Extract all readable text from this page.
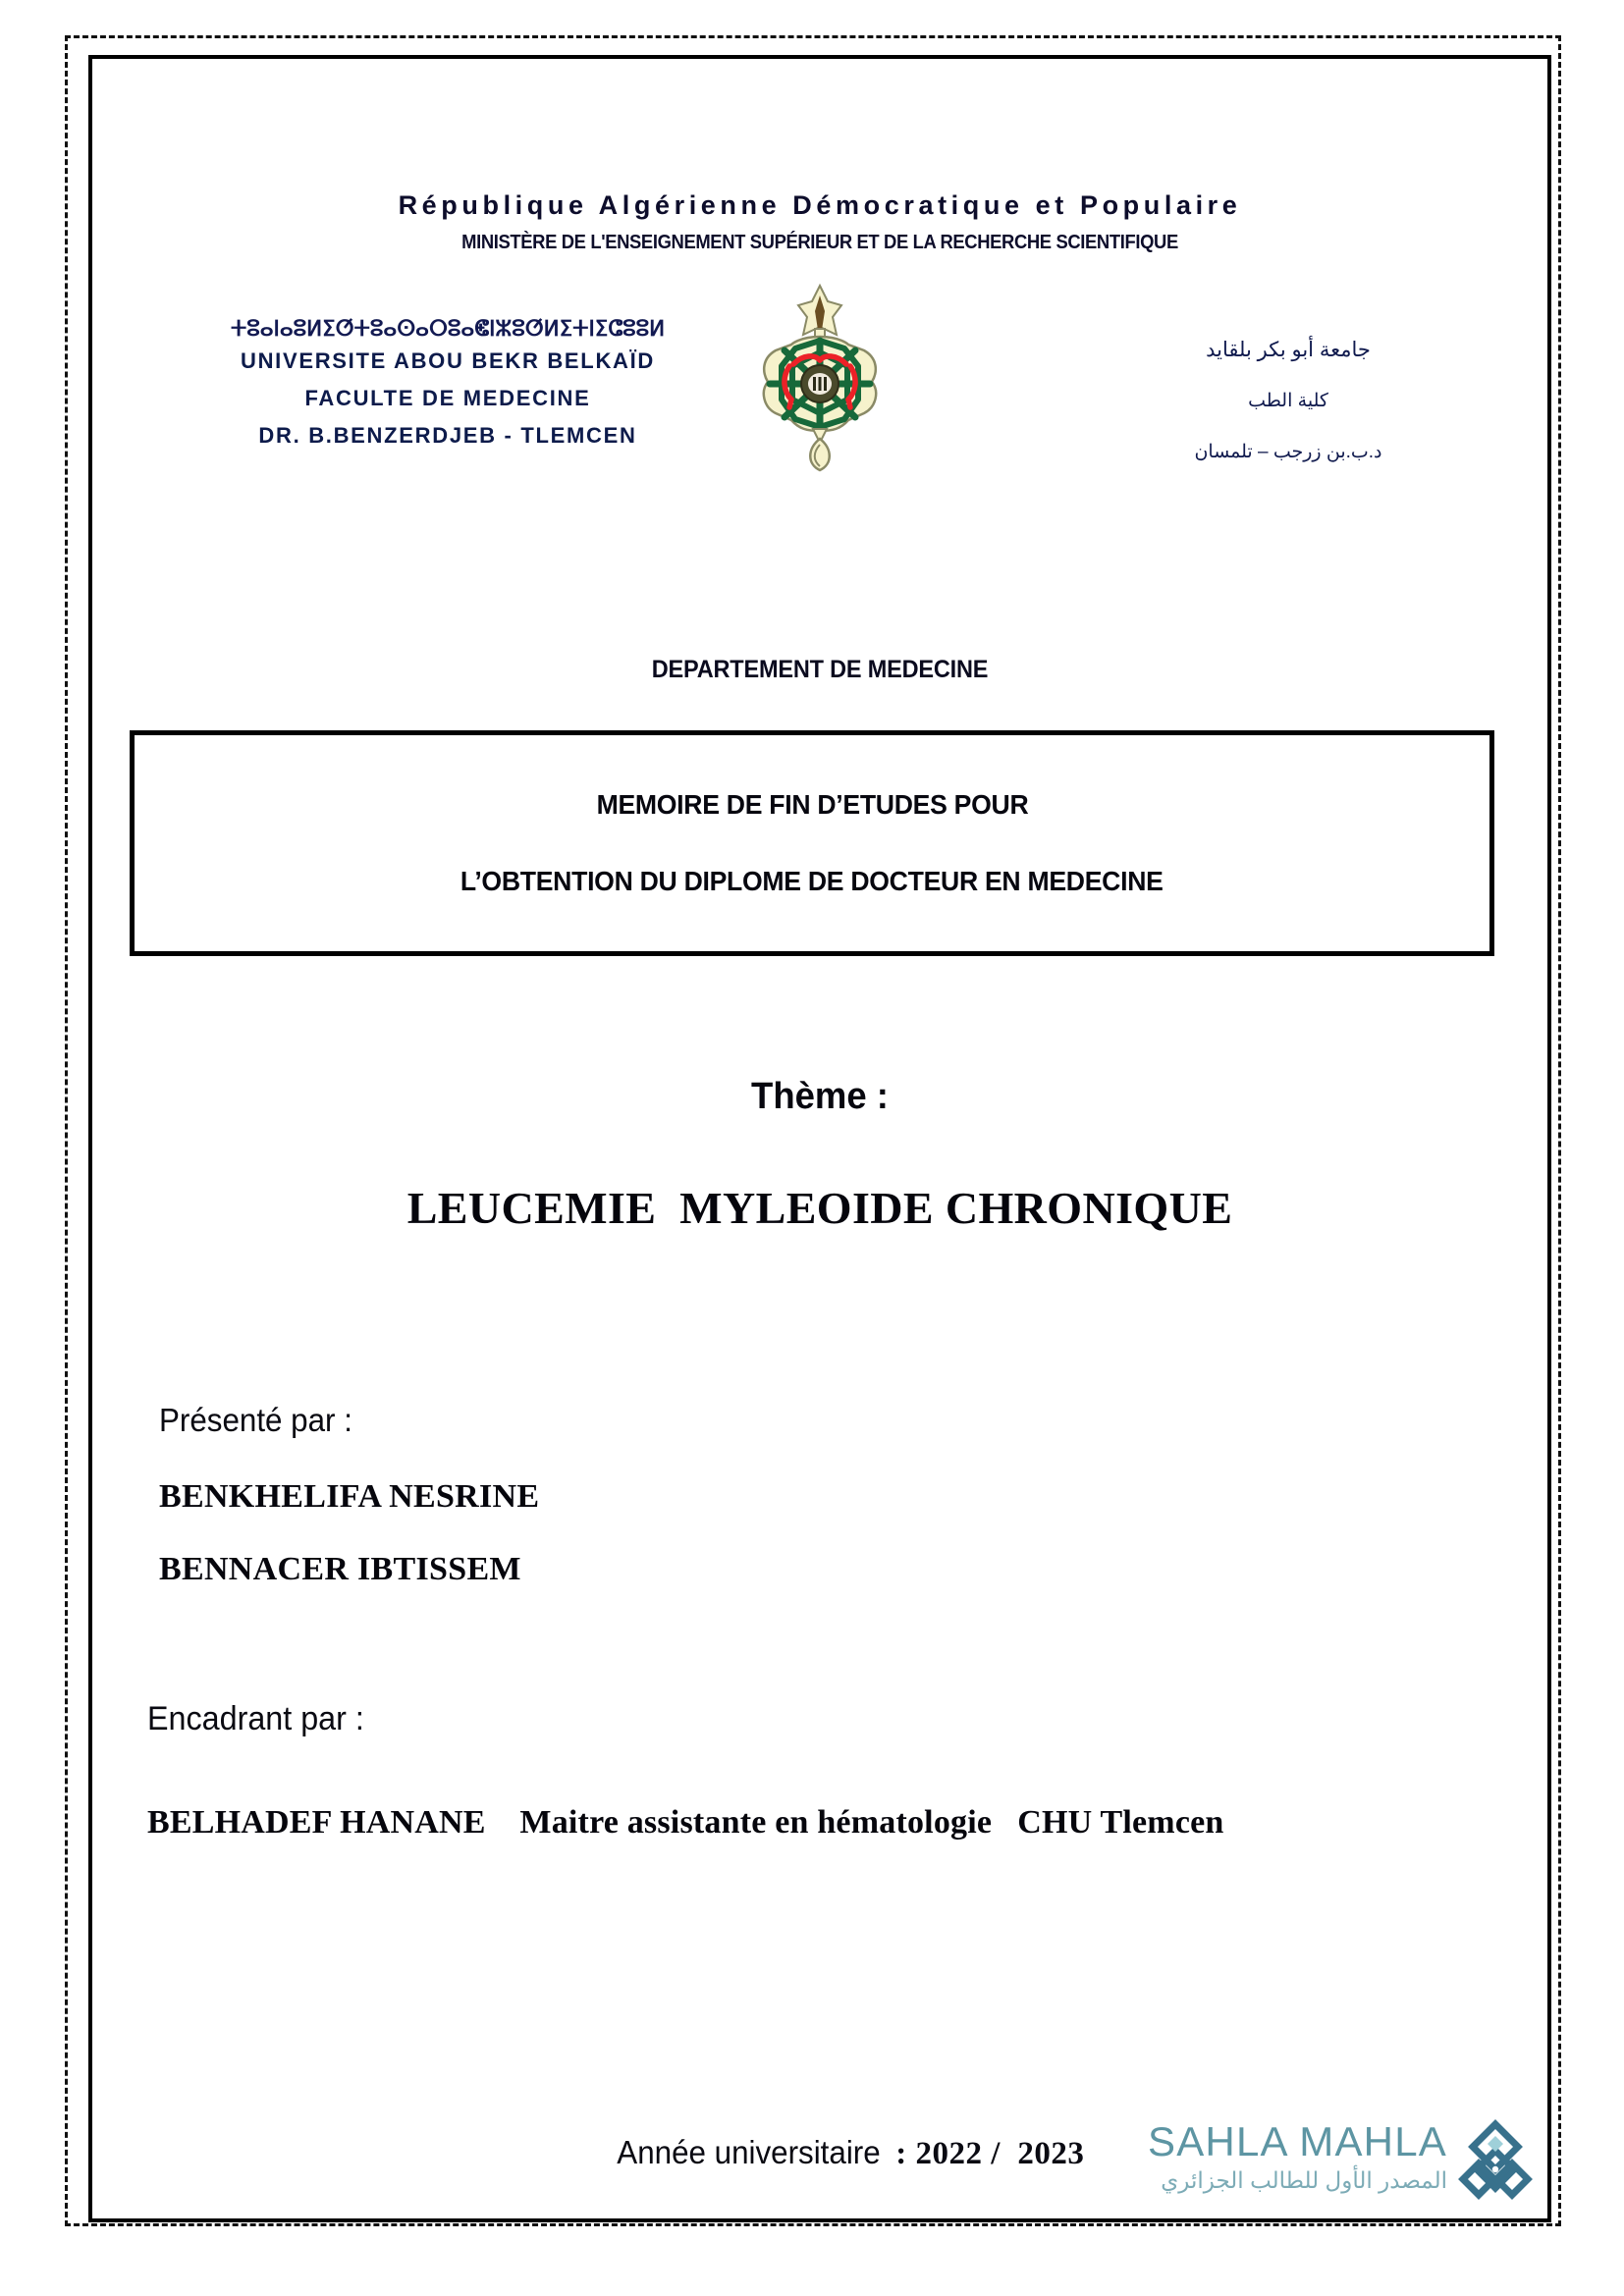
République Algérienne Démocratique et Populaire
MINISTÈRE DE L'ENSEIGNEMENT SUPÉRIEUR ET DE LA RECHERCHE SCIENTIFIQUE
ⵜⵓⴰⵏⴰⵓⵍⵉⵚⵜⵓⴰⵙⴰⵔⵓⴰⵞⵏⵣⵓⵚⵍⵉⵜⵏⵉⵛⵓⵓⵍ
UNIVERSITE ABOU BEKR BELKAÏD
FACULTE DE MEDECINE
DR. B.BENZERDJEB - TLEMCEN
جامعة أبو بكر بلقايد
كلية الطب
د.ب.بن زرجب – تلمسان
DEPARTEMENT DE MEDECINE
MEMOIRE DE FIN D’ETUDES POUR
L’OBTENTION DU DIPLOME DE DOCTEUR EN MEDECINE
Thème :
LEUCEMIE  MYLEOIDE CHRONIQUE
Présenté par :
BENKHELIFA NESRINE
BENNACER IBTISSEM
Encadrant par :
BELHADEF HANANE    Maitre assistante en hématologie   CHU Tlemcen

Année universitaire : 2022 /  2023
	SAHLA MAHLA
المصدر الأول للطالب الجزائري
